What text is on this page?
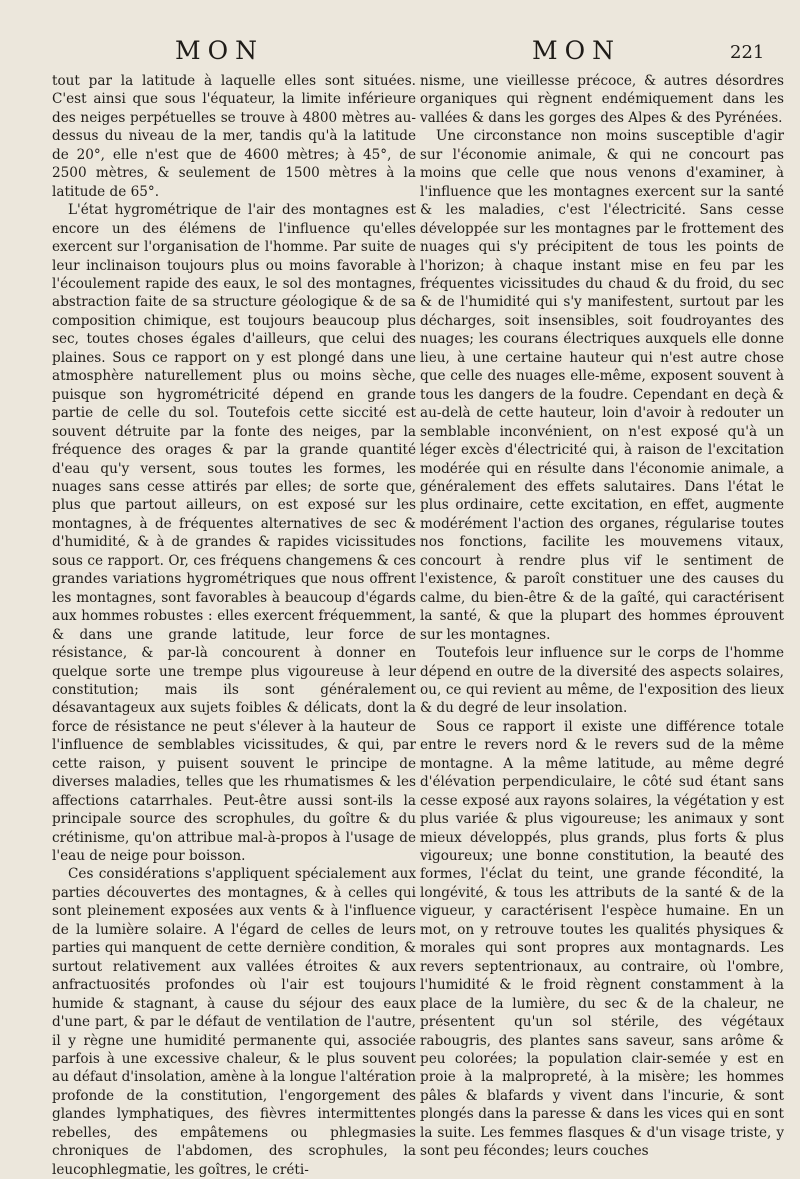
MON	MON	221

tout par la latitude à laquelle elles sont situées. C'est ainsi que sous l'équateur, la limite inférieure des neiges perpétuelles se trouve à 4800 mètres au-dessus du niveau de la mer, tandis qu'à la latitude de 20°, elle n'est que de 4600 mètres; à 45°, de 2500 mètres, & seulement de 1500 mètres à la latitude de 65°.

L'état hygrométrique de l'air des montagnes est encore un des élémens de l'influence qu'elles exercent sur l'organisation de l'homme. Par suite de leur inclinaison toujours plus ou moins favorable à l'écoulement rapide des eaux, le sol des montagnes, abstraction faite de sa structure géologique & de sa composition chimique, est toujours beaucoup plus sec, toutes choses égales d'ailleurs, que celui des plaines. Sous ce rapport on y est plongé dans une atmosphère naturellement plus ou moins sèche, puisque son hygrométricité dépend en grande partie de celle du sol. Toutefois cette siccité est souvent détruite par la fonte des neiges, par la fréquence des orages & par la grande quantité d'eau qu'y versent, sous toutes les formes, les nuages sans cesse attirés par elles; de sorte que, plus que partout ailleurs, on est exposé sur les montagnes, à de fréquentes alternatives de sec & d'humidité, & à de grandes & rapides vicissitudes sous ce rapport. Or, ces fréquens changemens & ces grandes variations hygrométriques que nous offrent les montagnes, sont favorables à beaucoup d'égards aux hommes robustes : elles exercent fréquemment, & dans une grande latitude, leur force de résistance, & par-là concourent à donner en quelque sorte une trempe plus vigoureuse à leur constitution; mais ils sont généralement désavantageux aux sujets foibles & délicats, dont la force de résistance ne peut s'élever à la hauteur de l'influence de semblables vicissitudes, & qui, par cette raison, y puisent souvent le principe de diverses maladies, telles que les rhumatismes & les affections catarrhales. Peut-être aussi sont-ils la principale source des scrophules, du goître & du crétinisme, qu'on attribue mal-à-propos à l'usage de l'eau de neige pour boisson.

Ces considérations s'appliquent spécialement aux parties découvertes des montagnes, & à celles qui sont pleinement exposées aux vents & à l'influence de la lumière solaire. A l'égard de celles de leurs parties qui manquent de cette dernière condition, & surtout relativement aux vallées étroites & aux anfractuosités profondes où l'air est toujours humide & stagnant, à cause du séjour des eaux d'une part, & par le défaut de ventilation de l'autre, il y règne une humidité permanente qui, associée parfois à une excessive chaleur, & le plus souvent au défaut d'insolation, amène à la longue l'altération profonde de la constitution, l'engorgement des glandes lymphatiques, des fièvres intermittentes rebelles, des empâtemens ou phlegmasies chroniques de l'abdomen, des scrophules, la leucophlegmatie, les goîtres, le créti-

nisme, une vieillesse précoce, & autres désordres organiques qui règnent endémiquement dans les vallées & dans les gorges des Alpes & des Pyrénées.

Une circonstance non moins susceptible d'agir sur l'économie animale, & qui ne concourt pas moins que celle que nous venons d'examiner, à l'influence que les montagnes exercent sur la santé & les maladies, c'est l'électricité. Sans cesse développée sur les montagnes par le frottement des nuages qui s'y précipitent de tous les points de l'horizon; à chaque instant mise en feu par les fréquentes vicissitudes du chaud & du froid, du sec & de l'humidité qui s'y manifestent, surtout par les décharges, soit insensibles, soit foudroyantes des nuages; les courans électriques auxquels elle donne lieu, à une certaine hauteur qui n'est autre chose que celle des nuages elle-même, exposent souvent à tous les dangers de la foudre. Cependant en deçà & au-delà de cette hauteur, loin d'avoir à redouter un semblable inconvénient, on n'est exposé qu'à un léger excès d'électricité qui, à raison de l'excitation modérée qui en résulte dans l'économie animale, a généralement des effets salutaires. Dans l'état le plus ordinaire, cette excitation, en effet, augmente modérément l'action des organes, régularise toutes nos fonctions, facilite les mouvemens vitaux, concourt à rendre plus vif le sentiment de l'existence, & paroît constituer une des causes du calme, du bien-être & de la gaîté, qui caractérisent la santé, & que la plupart des hommes éprouvent sur les montagnes.

Toutefois leur influence sur le corps de l'homme dépend en outre de la diversité des aspects solaires, ou, ce qui revient au même, de l'exposition des lieux & du degré de leur insolation.

Sous ce rapport il existe une différence totale entre le revers nord & le revers sud de la même montagne. A la même latitude, au même degré d'élévation perpendiculaire, le côté sud étant sans cesse exposé aux rayons solaires, la végétation y est plus variée & plus vigoureuse; les animaux y sont mieux développés, plus grands, plus forts & plus vigoureux; une bonne constitution, la beauté des formes, l'éclat du teint, une grande fécondité, la longévité, & tous les attributs de la santé & de la vigueur, y caractérisent l'espèce humaine. En un mot, on y retrouve toutes les qualités physiques & morales qui sont propres aux montagnards. Les revers septentrionaux, au contraire, où l'ombre, l'humidité & le froid règnent constamment à la place de la lumière, du sec & de la chaleur, ne présentent qu'un sol stérile, des végétaux rabougris, des plantes sans saveur, sans arôme & peu colorées; la population clair-semée y est en proie à la malpropreté, à la misère; les hommes pâles & blafards y vivent dans l'incurie, & sont plongés dans la paresse & dans les vices qui en sont la suite. Les femmes flasques & d'un visage triste, y sont peu fécondes; leurs couches
